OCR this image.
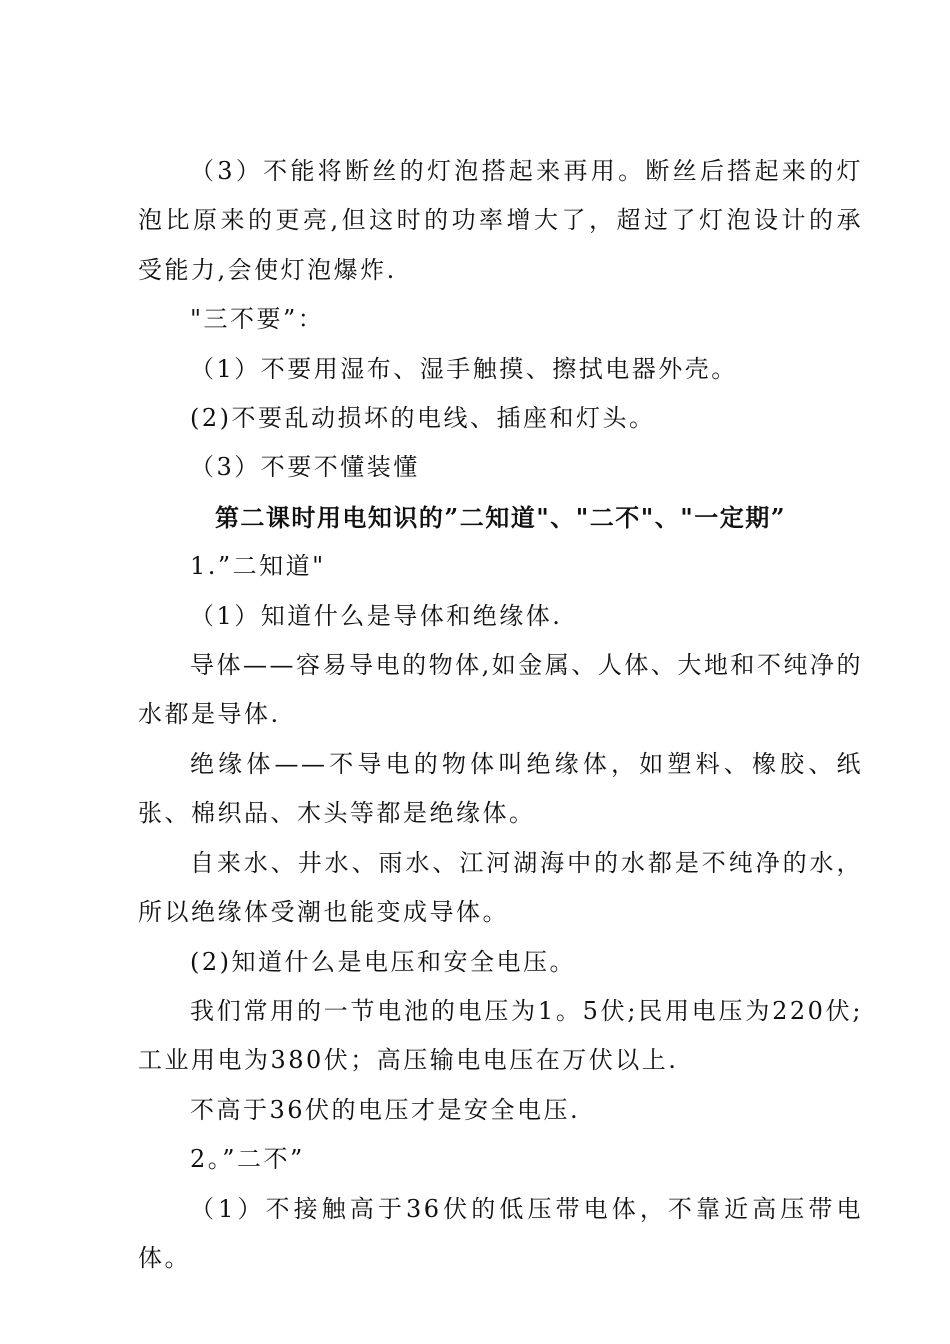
（3）不能将断丝的灯泡搭起来再用。断丝后搭起来的灯泡比原来的更亮,但这时的功率增大了，超过了灯泡设计的承受能力,会使灯泡爆炸.

"三不要”：

（1）不要用湿布、湿手触摸、擦拭电器外壳。

(2)不要乱动损坏的电线、插座和灯头。

（3）不要不懂装懂

第二课时用电知识的”二知道"、"二不"、"一定期”

1.”二知道"

（1）知道什么是导体和绝缘体.

导体——容易导电的物体,如金属、人体、大地和不纯净的水都是导体.

绝缘体——不导电的物体叫绝缘体，如塑料、橡胶、纸张、棉织品、木头等都是绝缘体。

自来水、井水、雨水、江河湖海中的水都是不纯净的水，所以绝缘体受潮也能变成导体。

(2)知道什么是电压和安全电压。

我们常用的一节电池的电压为1。5伏;民用电压为220伏;工业用电为380伏；高压输电电压在万伏以上.

不高于36伏的电压才是安全电压.

2。”二不”

（1）不接触高于36伏的低压带电体，不靠近高压带电体。
